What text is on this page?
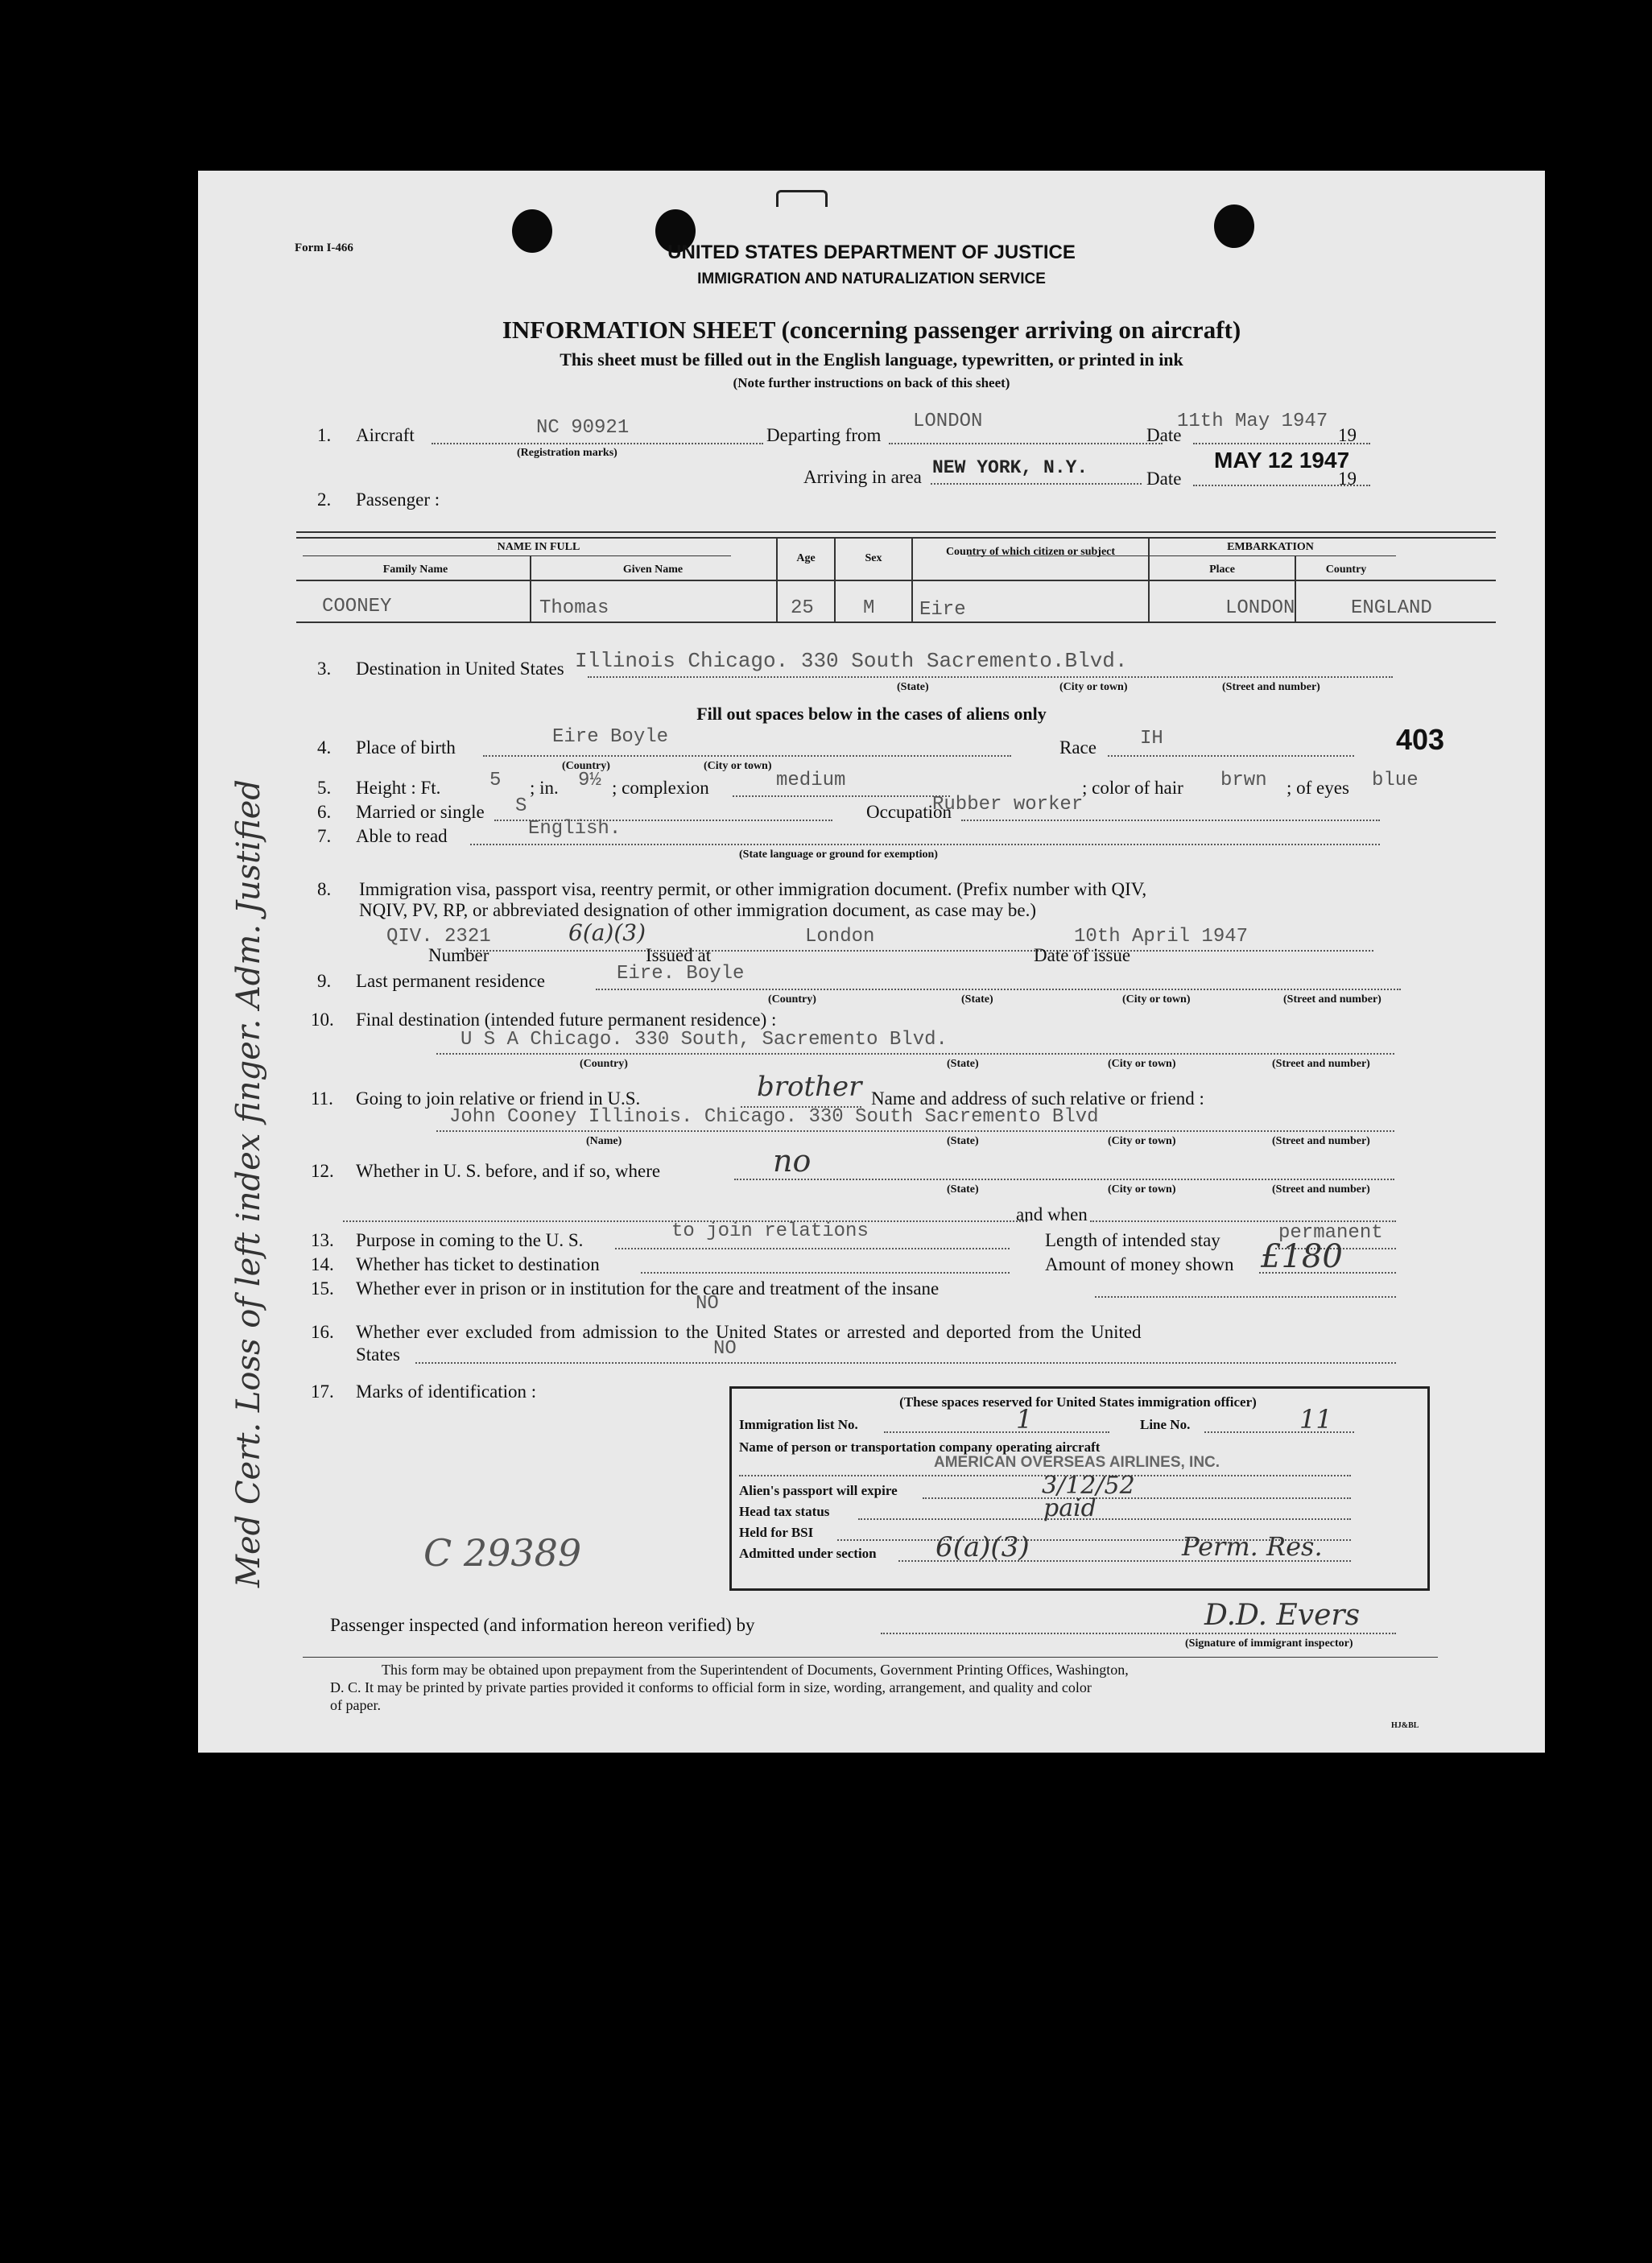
Form I-466	UNITED STATES DEPARTMENT OF JUSTICE
IMMIGRATION AND NATURALIZATION SERVICE
INFORMATION SHEET (concerning passenger arriving on aircraft)
This sheet must be filled out in the English language, typewritten, or printed in ink
(Note further instructions on back of this sheet)
1. Aircraft	NC 90921
(Registration marks)
Departing from
LONDON
Date
11th May 1947
19
Arriving in area NEW YORK, N.Y.
Date
MAY 12 1947
19
2. Passenger :
NAME IN FULL
Family Name	Given Name
Age	Sex
Country of which citizen or subject	EMBARKATION
Place	Country
COONEY	Thomas	25	M Eire	LONDON	ENGLAND
3. Destination in United States Illinois Chicago. 330 South Sacremento.Blvd.
(State)	(City or town)	(Street and number)
Fill out spaces below in the cases of aliens only
4. Place of birth	Eire Boyle
(Country)	(City or town)
Race IH	403
5. Height : Ft.	5 ; in. 9½ ; complexion	medium	; color of hair brwn ; of eyes blue
6. Married or single S	Occupation
Rubber worker
7. Able to read	English.
(State language or ground for exemption)
8. Immigration visa, passport visa, reentry permit, or other immigration document. (Prefix number with QIV,
NQIV, PV, RP, or abbreviated designation of other immigration document, as case may be.)
QIV. 2321	6(a)(3)	London	10th April 1947
Number	Issued at	Date of issue
9. Last permanent residence	Eire. Boyle
(Country)	(State)	(City or town)	(Street and number)
10. Final destination (intended future permanent residence) :
U S A Chicago. 330 South, Sacremento Blvd.
(Country)	(State)	(City or town)	(Street and number)
11. Going to join relative or friend in U.S.	brother Name and address of such relative or friend :
John Cooney Illinois. Chicago. 330 South Sacremento Blvd
(Name)	(State)	(City or town)	(Street and number)
12. Whether in U. S. before, and if so, where	no
(State)	(City or town)	(Street and number)
and when
13. Purpose in coming to the U. S.	to join relations	Length of intended stay	permanent
14. Whether has ticket to destination	Amount of money shown £180
15. Whether ever in prison or in institution for the care and treatment of the insane
NO
16. Whether ever excluded from admission to the United States or arrested and deported from the United
States	NO
17. Marks of identification :
(These spaces reserved for United States immigration officer)
Immigration list No.	1	Line No.	11
Name of person or transportation company operating aircraft
AMERICAN OVERSEAS AIRLINES, INC.
Alien's passport will expire	3/12/52
Head tax status	paid
Held for BSI
Admitted under section 6(a)(3)	Perm. Res.
C 29389
Med Cert. Loss of left index finger. Adm. Justified
Passenger inspected (and information hereon verified) by	D.D. Evers
(Signature of immigrant inspector)
This form may be obtained upon prepayment from the Superintendent of Documents, Government Printing Offices, Washington,
D. C. It may be printed by private parties provided it conforms to official form in size, wording, arrangement, and quality and color
of paper.
HJ&BL
